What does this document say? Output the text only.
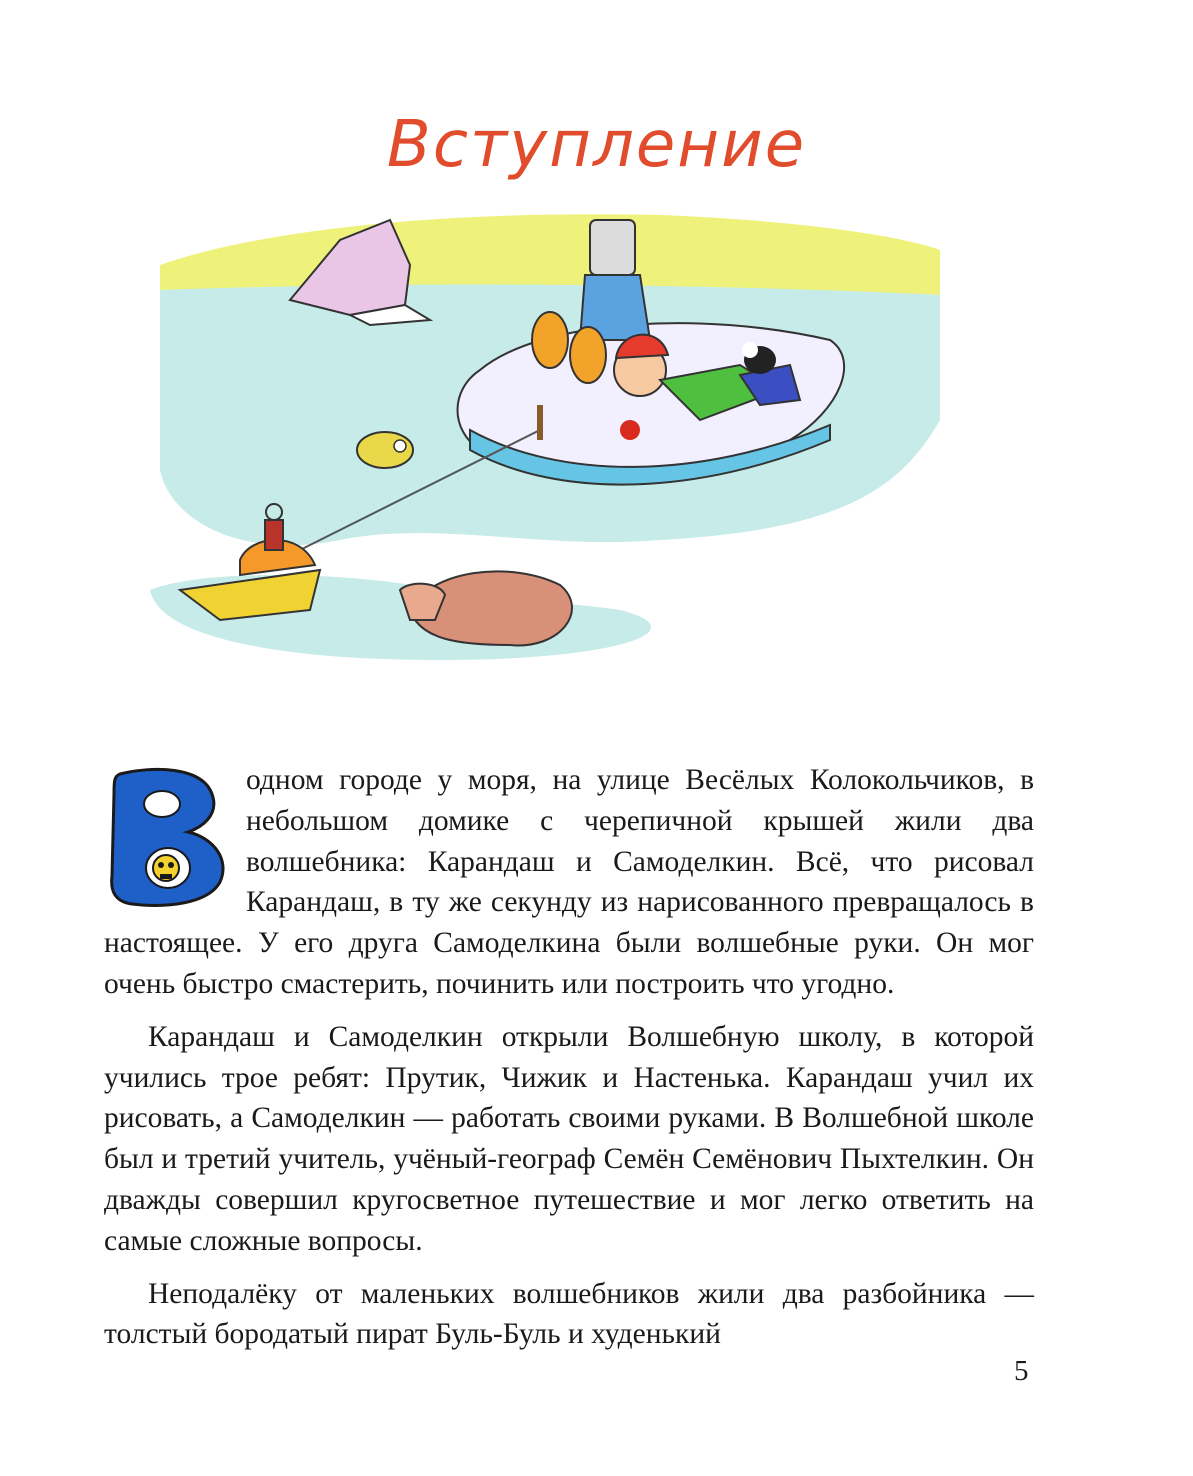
Вступление

одном городе у моря, на улице Весёлых Колокольчиков, в небольшом домике с черепичной крышей жили два волшебника: Карандаш и Самоделкин. Всё, что рисовал Карандаш, в ту же секунду из нарисованного превращалось в настоящее. У его друга Самоделкина были волшебные руки. Он мог очень быстро смастерить, починить или построить что угодно.

Карандаш и Самоделкин открыли Волшебную школу, в которой учились трое ребят: Прутик, Чижик и Настенька. Карандаш учил их рисовать, а Самоделкин — работать своими руками. В Волшебной школе был и третий учитель, учёный-географ Семён Семёнович Пыхтелкин. Он дважды совершил кругосветное путешествие и мог легко ответить на самые сложные вопросы.

Неподалёку от маленьких волшебников жили два разбойника — толстый бородатый пират Буль-Буль и худенький

5
